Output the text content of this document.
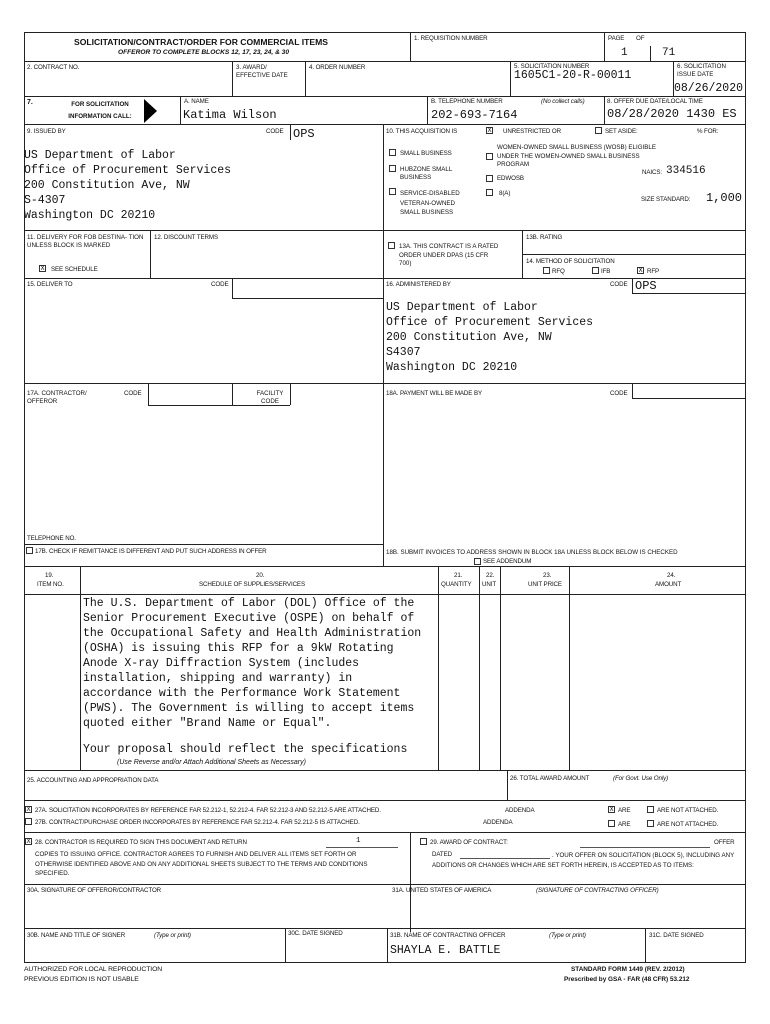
SOLICITATION/CONTRACT/ORDER FOR COMMERCIAL ITEMS
OFFEROR TO COMPLETE BLOCKS 12, 17, 23, 24, & 30
1. REQUISITION NUMBER	PAGE OF
1	71
2. CONTRACT NO.	3. AWARD/ EFFECTIVE DATE
4. ORDER NUMBER	5. SOLICITATION NUMBER
1605C1-20-R-00011
6. SOLICITATION ISSUE DATE
08/26/2020
7.	FOR SOLICITATION INFORMATION CALL:
A. NAME
Katima Wilson
B. TELEPHONE NUMBER	(No collect calls)
202-693-7164
8. OFFER DUE DATE/LOCAL TIME
08/28/2020 1430 ES
9. ISSUED BY	CODE OPS
US Department of Labor
Office of Procurement Services
200 Constitution Ave, NW
S-4307
Washington DC 20210
10. THIS ACQUISITION IS	X UNRESTRICTED OR	SET ASIDE:	% FOR:
SMALL BUSINESS
HUBZONE SMALL BUSINESS
SERVICE-DISABLED VETERAN-OWNED SMALL BUSINESS
WOMEN-OWNED SMALL BUSINESS (WOSB) ELIGIBLE UNDER THE WOMEN-OWNED SMALL BUSINESS PROGRAM
EDWOSB
8(A)
NAICS: 334516
SIZE STANDARD: 1,000
11. DELIVERY FOR FOB DESTINA- TION UNLESS BLOCK IS MARKED
X SEE SCHEDULE
12. DISCOUNT TERMS
13A. THIS CONTRACT IS A RATED ORDER UNDER DPAS (15 CFR 700)
13B. RATING
14. METHOD OF SOLICITATION
RFQ	IFB	X RFP
15. DELIVER TO	CODE	16. ADMINISTERED BY	CODE OPS
US Department of Labor
Office of Procurement Services
200 Constitution Ave, NW
S4307
Washington DC 20210
17A. CONTRACTOR/ OFFEROR
CODE	FACILITY CODE
18A. PAYMENT WILL BE MADE BY	CODE
TELEPHONE NO.
17B. CHECK IF REMITTANCE IS DIFFERENT AND PUT SUCH ADDRESS IN OFFER	18B. SUBMIT INVOICES TO ADDRESS SHOWN IN BLOCK 18A UNLESS BLOCK BELOW IS CHECKED
SEE ADDENDUM
19.
ITEM NO.
20.
SCHEDULE OF SUPPLIES/SERVICES
21.
QUANTITY
22.
UNIT
23.
UNIT PRICE
24.
AMOUNT
The U.S. Department of Labor (DOL) Office of the
Senior Procurement Executive (OSPE) on behalf of
the Occupational Safety and Health Administration
(OSHA) is issuing this RFP for a 9kW Rotating
Anode X-ray Diffraction System (includes
installation, shipping and warranty) in
accordance with the Performance Work Statement
(PWS). The Government is willing to accept items
quoted either "Brand Name or Equal".
Your proposal should reflect the specifications
(Use Reverse and/or Attach Additional Sheets as Necessary)
25. ACCOUNTING AND APPROPRIATION DATA	26. TOTAL AWARD AMOUNT	(For Govt. Use Only)
X 27A. SOLICITATION INCORPORATES BY REFERENCE FAR 52.212-1, 52.212-4. FAR 52.212-3 AND 52.212-5 ARE ATTACHED.	ADDENDA	X ARE	ARE NOT ATTACHED.
27B. CONTRACT/PURCHASE ORDER INCORPORATES BY REFERENCE FAR 52.212-4. FAR 52.212-5 IS ATTACHED.	ADDENDA	ARE	ARE NOT ATTACHED.
X 28. CONTRACTOR IS REQUIRED TO SIGN THIS DOCUMENT AND RETURN	1
COPIES TO ISSUING OFFICE. CONTRACTOR AGREES TO FURNISH AND DELIVER ALL ITEMS SET FORTH OR OTHERWISE IDENTIFIED ABOVE AND ON ANY ADDITIONAL SHEETS SUBJECT TO THE TERMS AND CONDITIONS SPECIFIED.
29. AWARD OF CONTRACT:	OFFER
DATED	. YOUR OFFER ON SOLICITATION (BLOCK 5), INCLUDING ANY ADDITIONS OR CHANGES WHICH ARE SET FORTH HEREIN, IS ACCEPTED AS TO ITEMS:
30A. SIGNATURE OF OFFEROR/CONTRACTOR	31A. UNITED STATES OF AMERICA	(SIGNATURE OF CONTRACTING OFFICER)
30B. NAME AND TITLE OF SIGNER	(Type or print)	30C. DATE SIGNED	31B. NAME OF CONTRACTING OFFICER	(Type or print)
SHAYLA E. BATTLE
31C. DATE SIGNED
AUTHORIZED FOR LOCAL REPRODUCTION
PREVIOUS EDITION IS NOT USABLE
STANDARD FORM 1449 (REV. 2/2012)
Prescribed by GSA - FAR (48 CFR) 53.212
